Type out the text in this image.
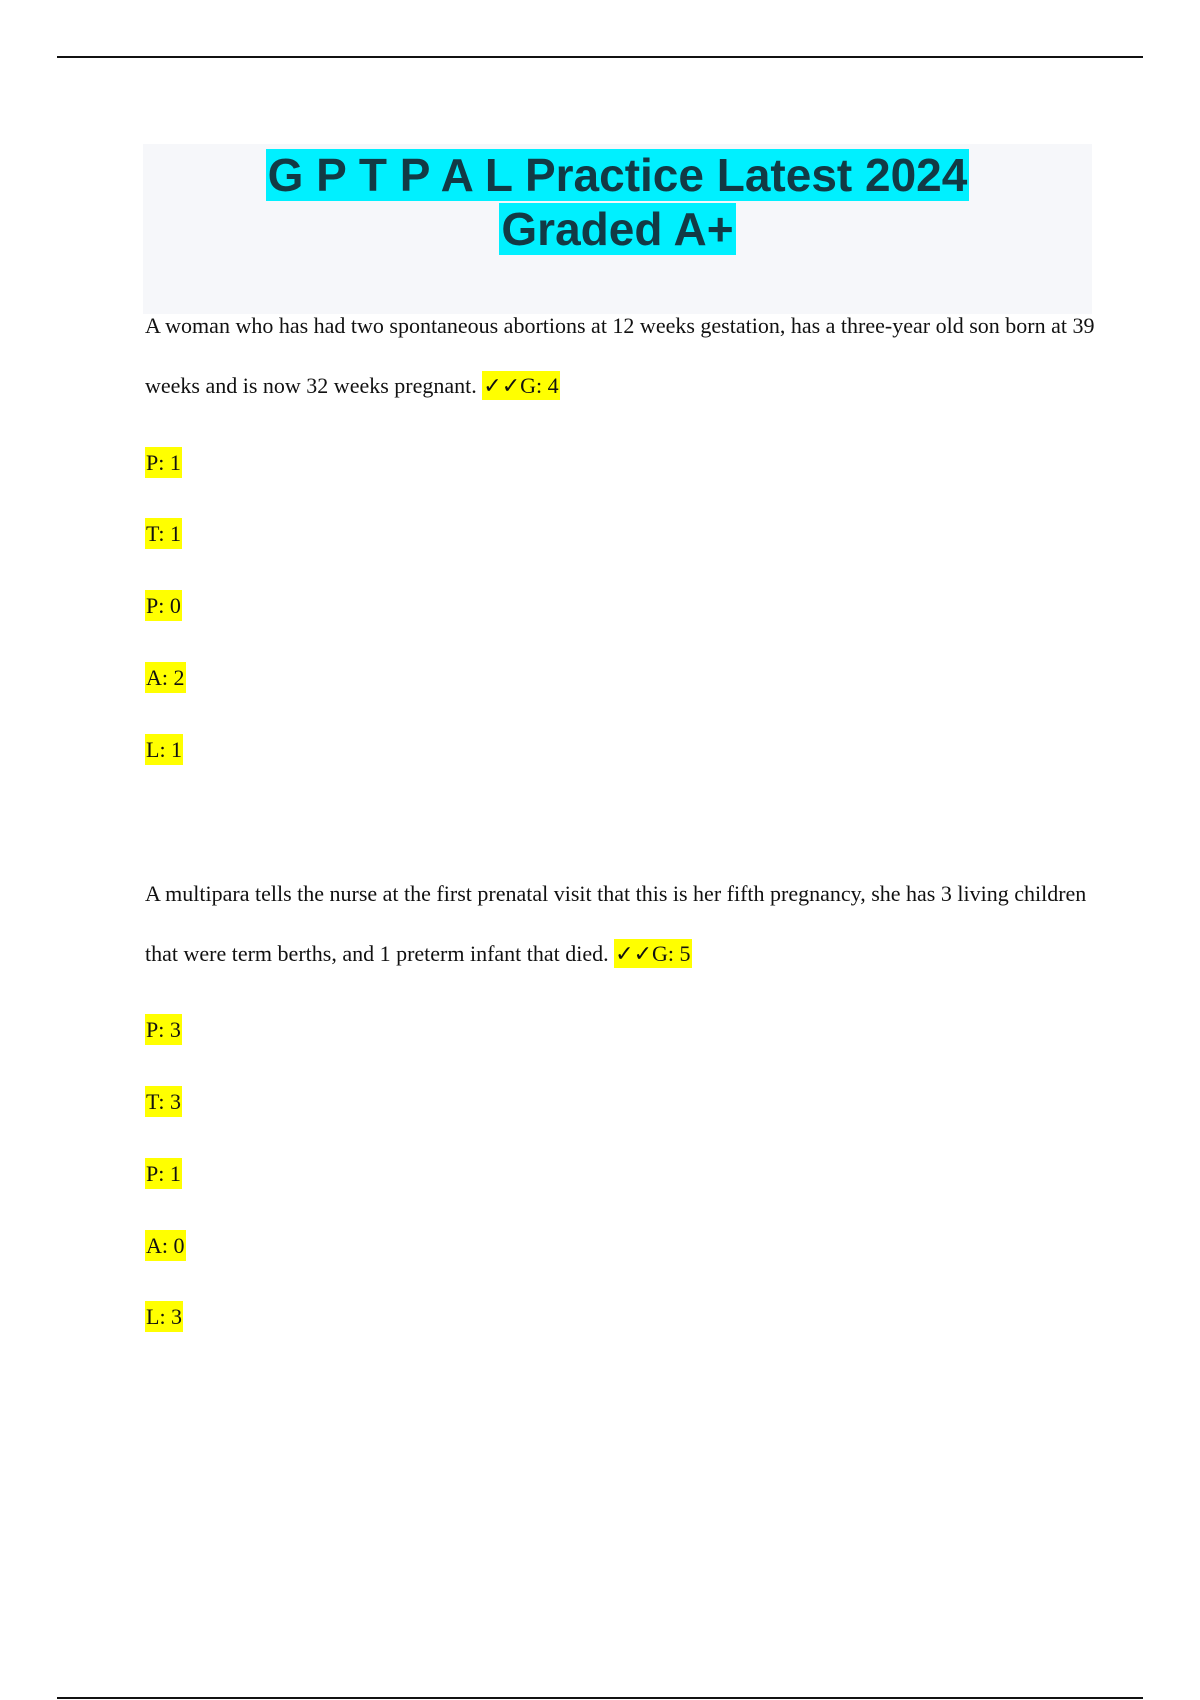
G P T P A L Practice Latest 2024
Graded A+

A woman who has had two spontaneous abortions at 12 weeks gestation, has a three-year old son born at 39 weeks and is now 32 weeks pregnant. ✓✓G: 4

P: 1
T: 1
P: 0
A: 2
L: 1

A multipara tells the nurse at the first prenatal visit that this is her fifth pregnancy, she has 3 living children that were term berths, and 1 preterm infant that died. ✓✓G: 5

P: 3
T: 3
P: 1
A: 0
L: 3
